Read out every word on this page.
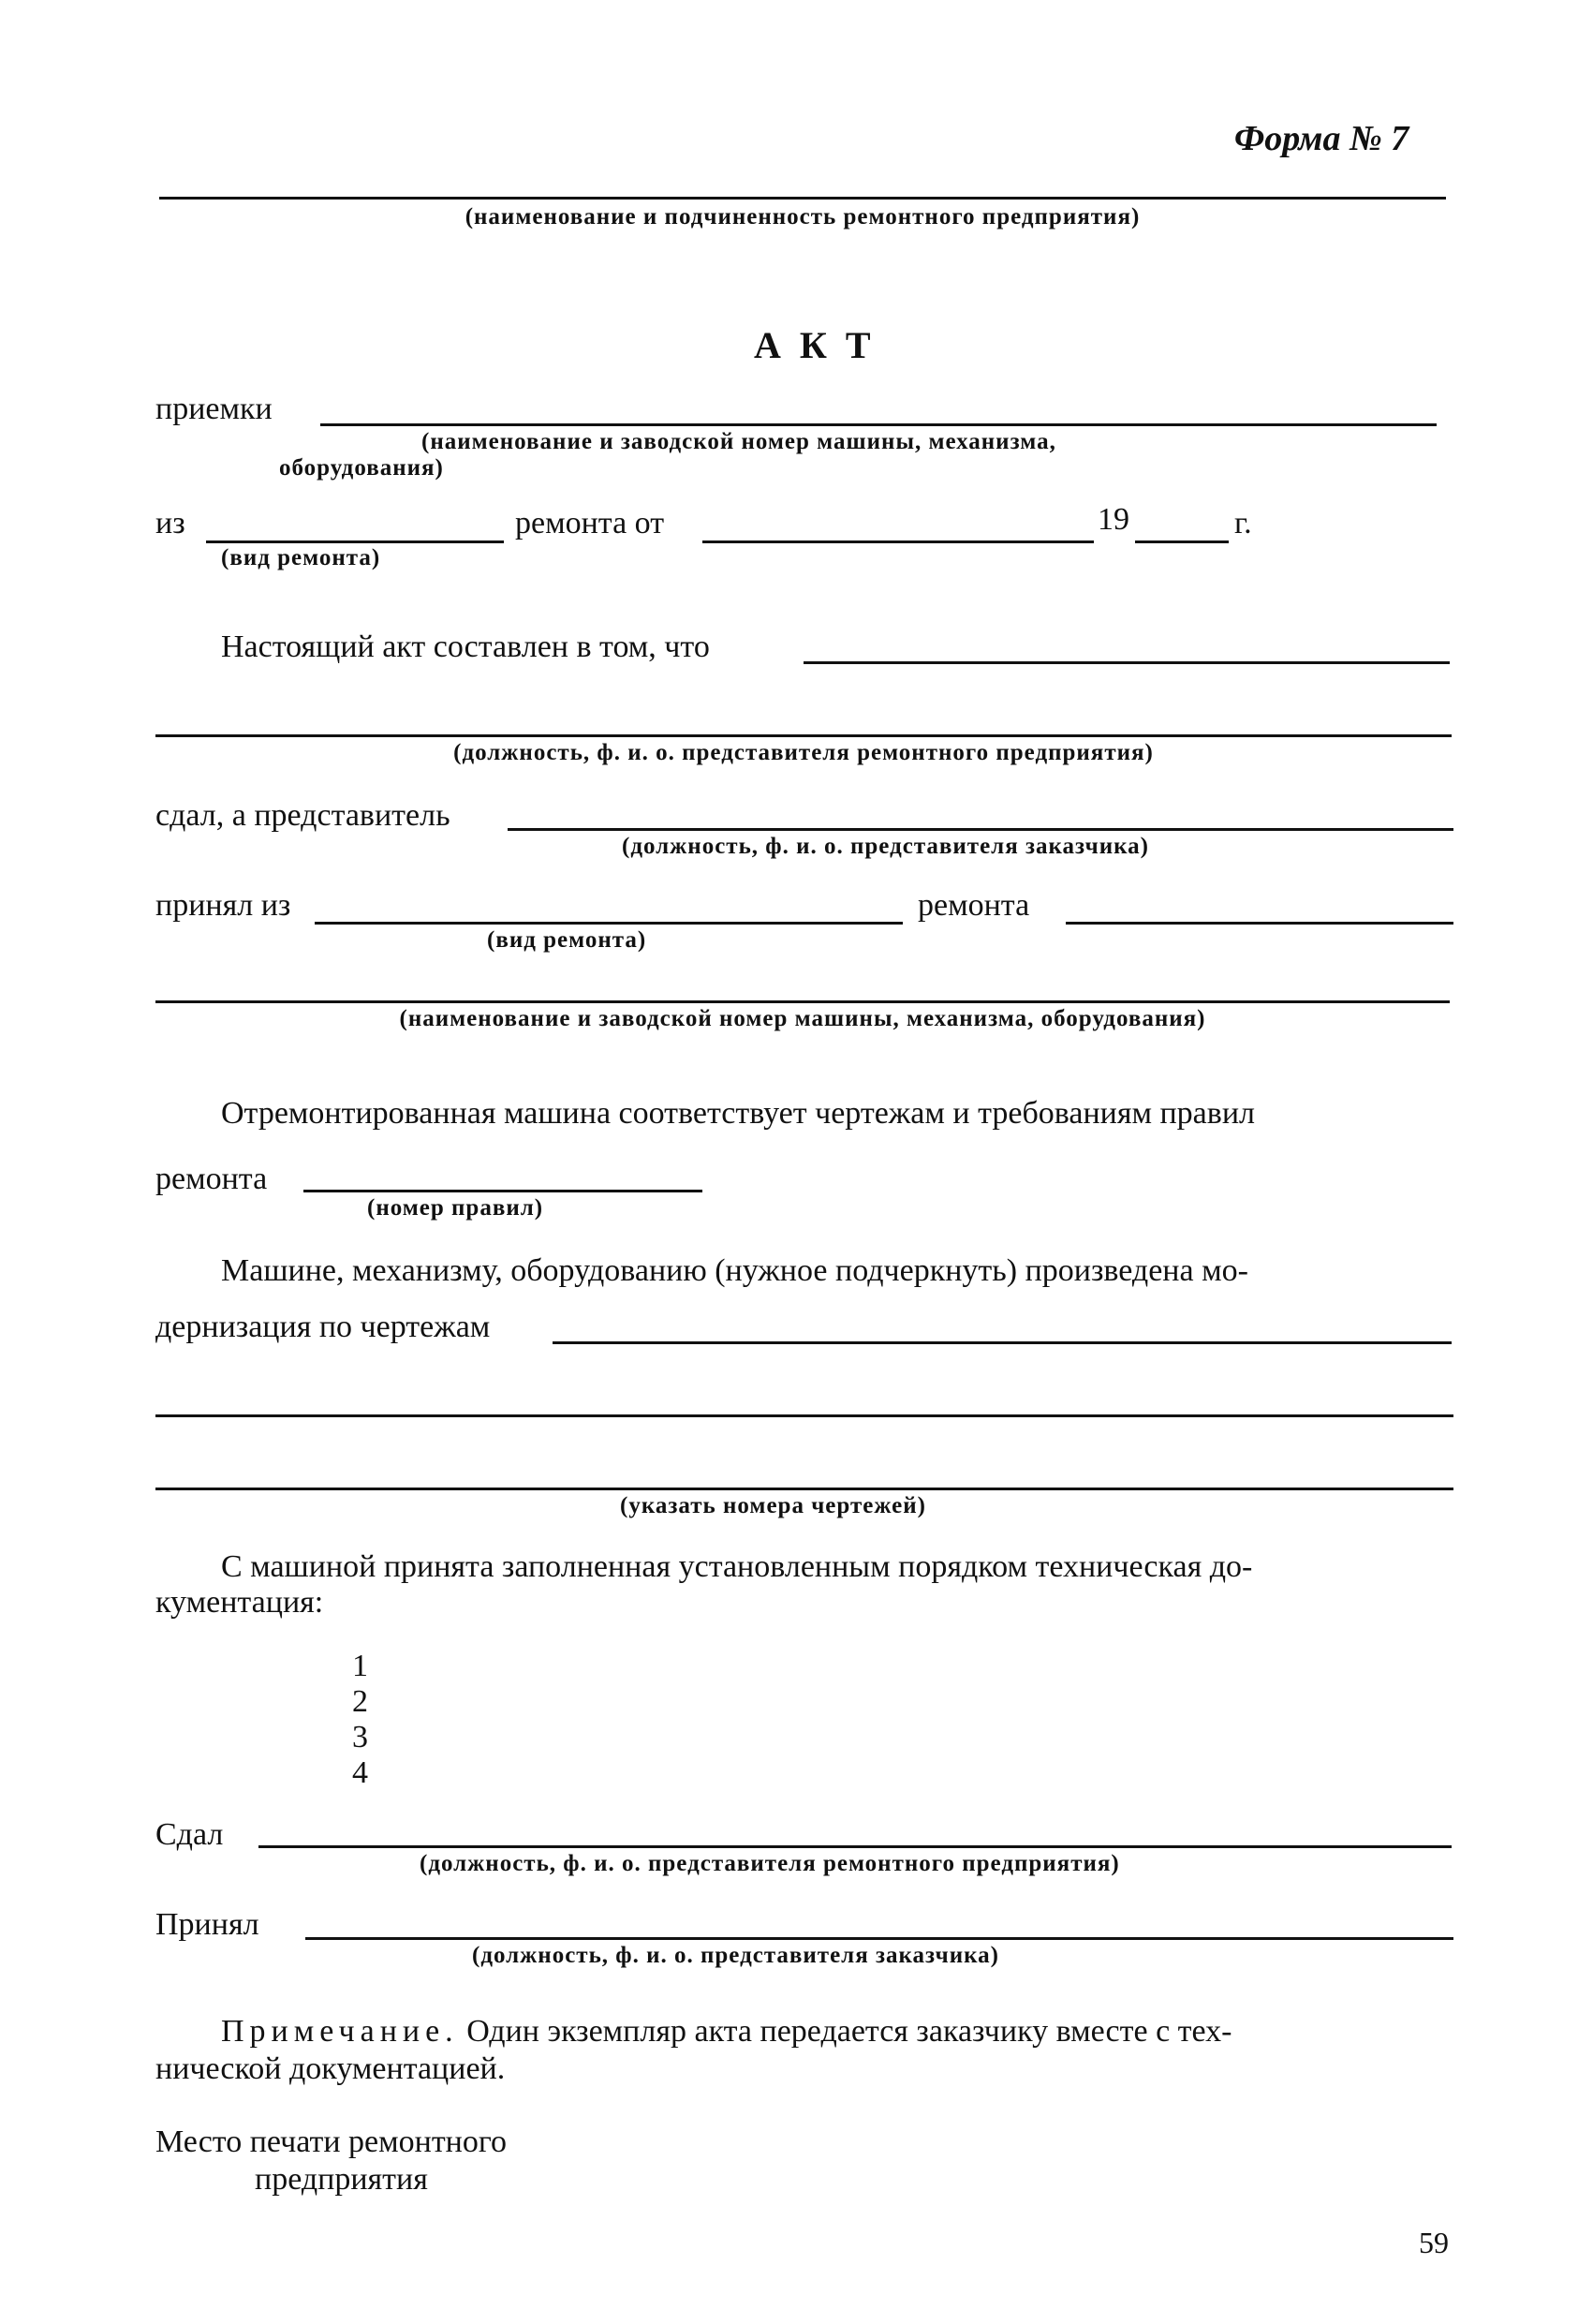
Форма № 7
(наименование и подчиненность ремонтного предприятия)
АКТ
приемки
(наименование и заводской номер машины, механизма,
оборудования)
из
(вид ремонта)
ремонта от	19	г.
Настоящий акт составлен в том, что
(должность, ф. и. о. представителя ремонтного предприятия)
сдал, а представитель
(должность, ф. и. о. представителя заказчика)
принял из
(вид ремонта)
ремонта
(наименование и заводской номер машины, механизма, оборудования)
Отремонтированная машина соответствует чертежам и требованиям правил
ремонта
(номер правил)
Машине, механизму, оборудованию (нужное подчеркнуть) произведена мо-
дернизация по чертежам
(указать номера чертежей)
С машиной принята заполненная установленным порядком техническая до-
кументация:
1
2
3
4
Сдал
(должность, ф. и. о. представителя ремонтного предприятия)
Принял
(должность, ф. и. о. представителя заказчика)
Примечание. Один экземпляр акта передается заказчику вместе с тех-
нической документацией.
Место печати ремонтного
предприятия
59
